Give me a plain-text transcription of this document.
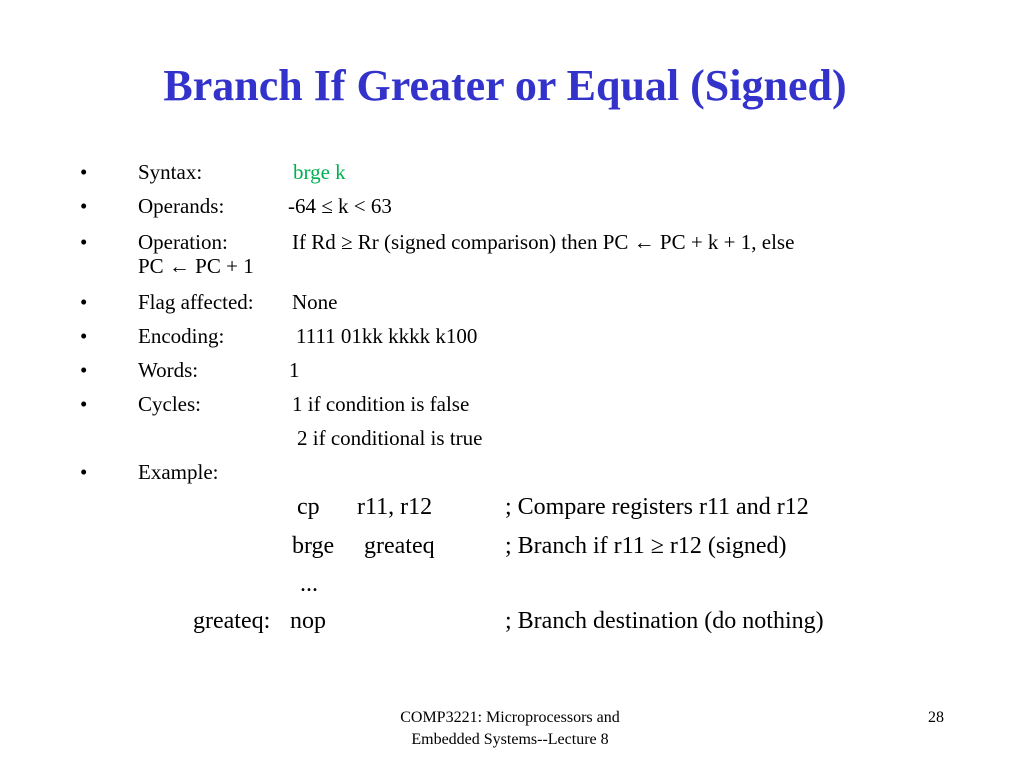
Branch If Greater or Equal (Signed)
• Syntax:	brge k
• Operands:	-64 ≤ k < 63
• Operation:	If Rd ≥ Rr (signed comparison) then PC ← PC + k + 1, else
PC ← PC + 1
• Flag affected: None
• Encoding:	1111 01kk kkkk k100
• Words:	1
• Cycles:	1 if condition is false
2 if conditional is true
• Example:
cp r11, r12	; Compare registers r11 and r12
brge greateq	; Branch if r11 ≥ r12 (signed)
...
greateq: nop	; Branch destination (do nothing)
COMP3221: Microprocessors and
Embedded Systems--Lecture 8
28
